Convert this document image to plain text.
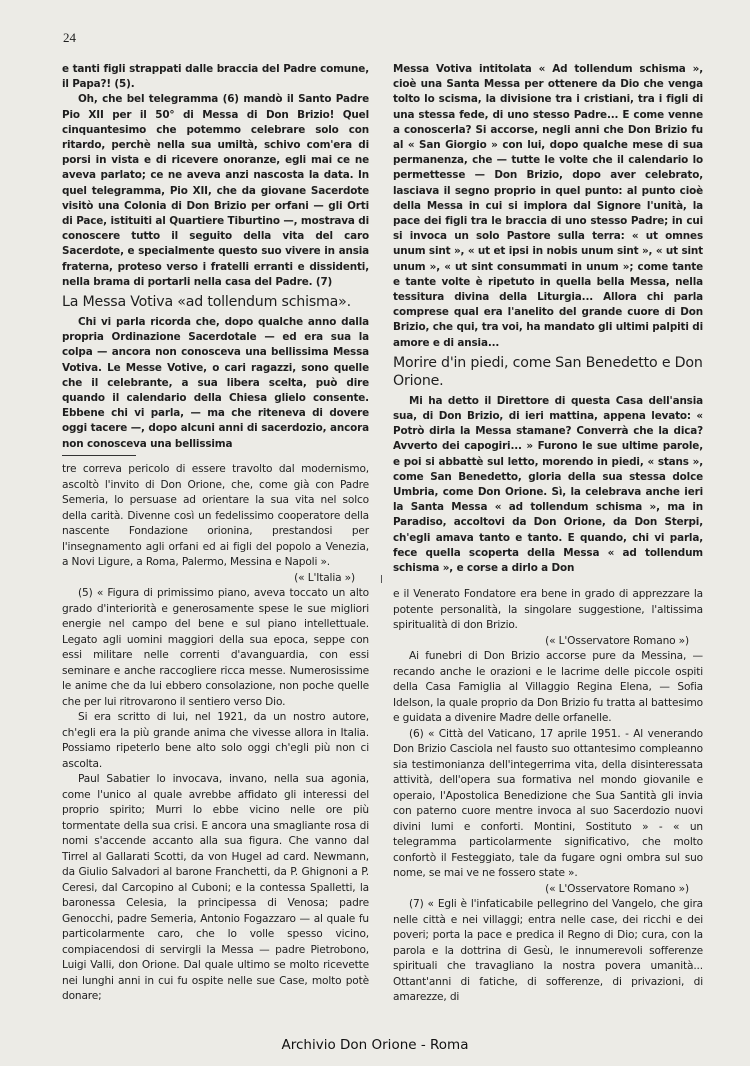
24

e tanti figli strappati dalle braccia del Padre comune, il Papa?! (5).

Oh, che bel telegramma (6) mandò il Santo Padre Pio XII per il 50° di Messa di Don Brizio! Quel cinquantesimo che potemmo celebrare solo con ritardo, perchè nella sua umiltà, schivo com'era di porsi in vista e di ricevere onoranze, egli mai ce ne aveva parlato; ce ne aveva anzi nascosta la data. In quel telegramma, Pio XII, che da giovane Sacerdote visitò una Colonia di Don Brizio per orfani — gli Orti di Pace, istituiti al Quartiere Tiburtino —, mostrava di conoscere tutto il seguito della vita del caro Sacerdote, e specialmente questo suo vivere in ansia fraterna, proteso verso i fratelli erranti e dissidenti, nella brama di portarli nella casa del Padre. (7)

La Messa Votiva «ad tollendum schisma».

Chi vi parla ricorda che, dopo qualche anno dalla propria Ordinazione Sacerdotale — ed era sua la colpa — ancora non conosceva una bellissima Messa Votiva. Le Messe Votive, o cari ragazzi, sono quelle che il celebrante, a sua libera scelta, può dire quando il calendario della Chiesa glielo consente. Ebbene chi vi parla, — ma che riteneva di dovere oggi tacere —, dopo alcuni anni di sacerdozio, ancora non conosceva una bellissima

tre correva pericolo di essere travolto dal modernismo, ascoltò l'invito di Don Orione, che, come già con Padre Semeria, lo persuase ad orientare la sua vita nel solco della carità. Divenne così un fedelissimo cooperatore della nascente Fondazione orionina, prestandosi per l'insegnamento agli orfani ed ai figli del popolo a Venezia, a Novi Ligure, a Roma, Palermo, Messina e Napoli ».

(« L'Italia »)

(5) « Figura di primissimo piano, aveva toccato un alto grado d'interiorità e generosamente spese le sue migliori energie nel campo del bene e sul piano intellettuale. Legato agli uomini maggiori della sua epoca, seppe con essi militare nelle correnti d'avanguardia, con essi seminare e anche raccogliere ricca messe. Numerosissime le anime che da lui ebbero consolazione, non poche quelle che per lui ritrovarono il sentiero verso Dio.

Si era scritto di lui, nel 1921, da un nostro autore, ch'egli era la più grande anima che vivesse allora in Italia. Possiamo ripeterlo bene alto solo oggi ch'egli più non ci ascolta.

Paul Sabatier lo invocava, invano, nella sua agonia, come l'unico al quale avrebbe affidato gli interessi del proprio spirito; Murri lo ebbe vicino nelle ore più tormentate della sua crisi. E ancora una smagliante rosa di nomi s'accende accanto alla sua figura. Che vanno dal Tirrel al Gallarati Scotti, da von Hugel ad card. Newmann, da Giulio Salvadori al barone Franchetti, da P. Ghignoni a P. Ceresi, dal Carcopino al Cuboni; e la contessa Spalletti, la baronessa Celesia, la principessa di Venosa; padre Genocchi, padre Semeria, Antonio Fogazzaro — al quale fu particolarmente caro, che lo volle spesso vicino, compiacendosi di servirgli la Messa — padre Pietrobono, Luigi Valli, don Orione. Dal quale ultimo se molto ricevette nei lunghi anni in cui fu ospite nelle sue Case, molto potè donare;

Messa Votiva intitolata « Ad tollendum schisma », cioè una Santa Messa per ottenere da Dio che venga tolto lo scisma, la divisione tra i cristiani, tra i figli di una stessa fede, di uno stesso Padre... E come venne a conoscerla? Si accorse, negli anni che Don Brizio fu al « San Giorgio » con lui, dopo qualche mese di sua permanenza, che — tutte le volte che il calendario lo permettesse — Don Brizio, dopo aver celebrato, lasciava il segno proprio in quel punto: al punto cioè della Messa in cui si implora dal Signore l'unità, la pace dei figli tra le braccia di uno stesso Padre; in cui si invoca un solo Pastore sulla terra: « ut omnes unum sint », « ut et ipsi in nobis unum sint », « ut sint unum », « ut sint consummati in unum »; come tante e tante volte è ripetuto in quella bella Messa, nella tessitura divina della Liturgia... Allora chi parla comprese qual era l'anelito del grande cuore di Don Brizio, che qui, tra voi, ha mandato gli ultimi palpiti di amore e di ansia...

Morire d'in piedi, come San Benedetto e Don Orione.

Mi ha detto il Direttore di questa Casa dell'ansia sua, di Don Brizio, di ieri mattina, appena levato: « Potrò dirla la Messa stamane? Converrà che la dica? Avverto dei capogiri... » Furono le sue ultime parole, e poi si abbattè sul letto, morendo in piedi, « stans », come San Benedetto, gloria della sua stessa dolce Umbria, come Don Orione. Sì, la celebrava anche ieri la Santa Messa « ad tollendum schisma », ma in Paradiso, accoltovi da Don Orione, da Don Sterpi, ch'egli amava tanto e tanto. E quando, chi vi parla, fece quella scoperta della Messa « ad tollendum schisma », e corse a dirlo a Don

e il Venerato Fondatore era bene in grado di apprezzare la potente personalità, la singolare suggestione, l'altissima spiritualità di don Brizio.

(« L'Osservatore Romano »)

Ai funebri di Don Brizio accorse pure da Messina, — recando anche le orazioni e le lacrime delle piccole ospiti della Casa Famiglia al Villaggio Regina Elena, — Sofia Idelson, la quale proprio da Don Brizio fu tratta al battesimo e guidata a divenire Madre delle orfanelle.

(6) « Città del Vaticano, 17 aprile 1951. - Al venerando Don Brizio Casciola nel fausto suo ottantesimo compleanno sia testimonianza dell'integerrima vita, della disinteressata attività, dell'opera sua formativa nel mondo giovanile e operaio, l'Apostolica Benedizione che Sua Santità gli invia con paterno cuore mentre invoca al suo Sacerdozio nuovi divini lumi e conforti. Montini, Sostituto » - « un telegramma particolarmente significativo, che molto confortò il Festeggiato, tale da fugare ogni ombra sul suo nome, se mai ve ne fossero state ».

(« L'Osservatore Romano »)

(7) « Egli è l'infaticabile pellegrino del Vangelo, che gira nelle città e nei villaggi; entra nelle case, dei ricchi e dei poveri; porta la pace e predica il Regno di Dio; cura, con la parola e la dottrina di Gesù, le innumerevoli sofferenze spirituali che travagliano la nostra povera umanità... Ottant'anni di fatiche, di sofferenze, di privazioni, di amarezze, di

Archivio Don Orione - Roma
